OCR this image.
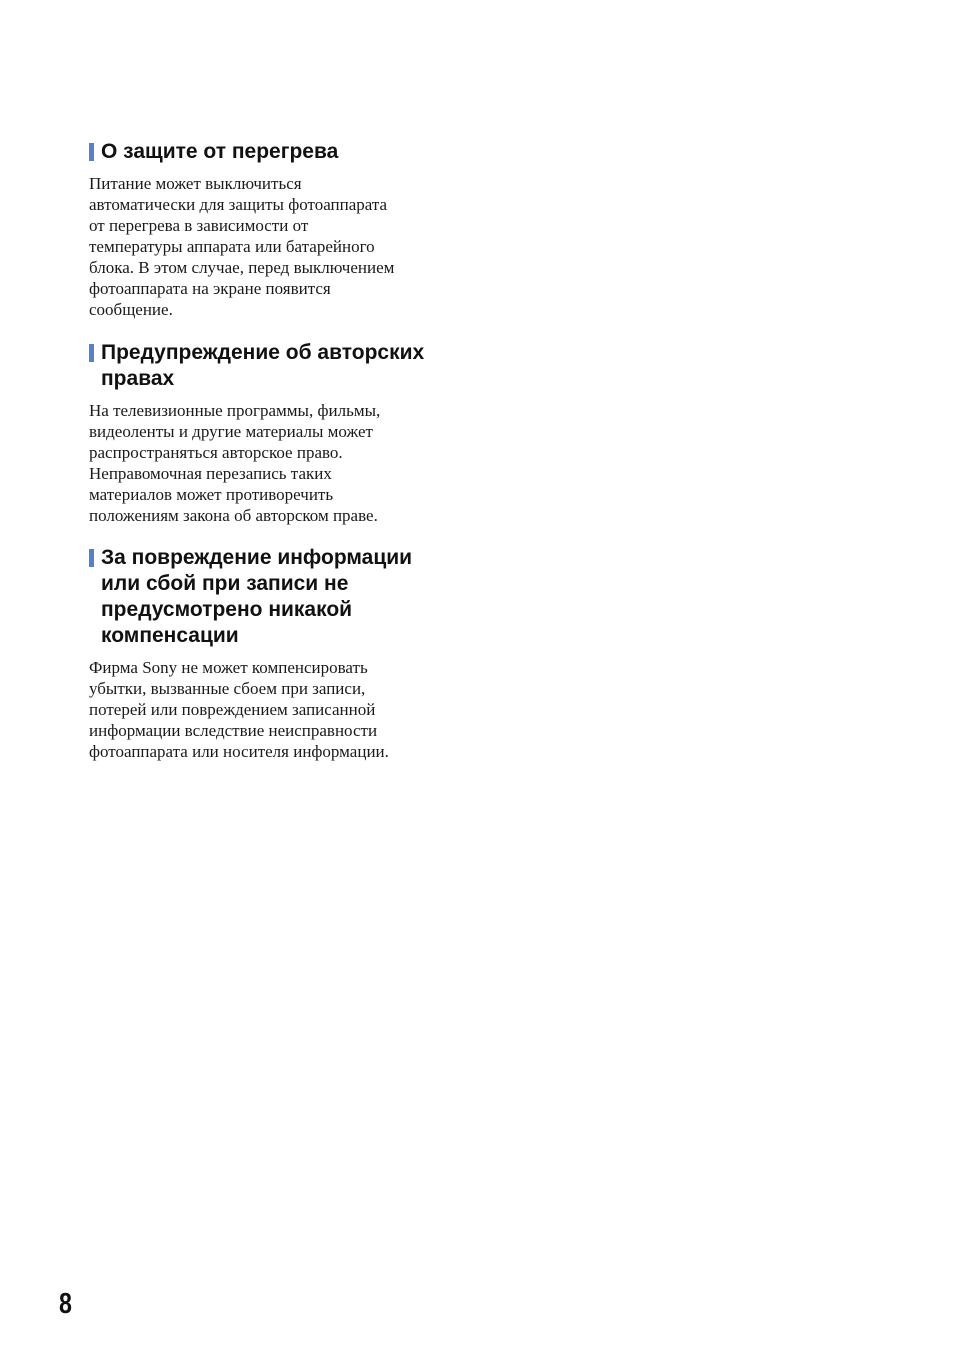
О защите от перегрева

Питание может выключиться
автоматически для защиты фотоаппарата
от перегрева в зависимости от
температуры аппарата или батарейного
блока. В этом случае, перед выключением
фотоаппарата на экране появится
сообщение.

Предупреждение об авторских
правах

На телевизионные программы, фильмы,
видеоленты и другие материалы может
распространяться авторское право.
Неправомочная перезапись таких
материалов может противоречить
положениям закона об авторском праве.

За повреждение информации
или сбой при записи не
предусмотрено никакой
компенсации

Фирма Sony не может компенсировать
убытки, вызванные сбоем при записи,
потерей или повреждением записанной
информации вследствие неисправности
фотоаппарата или носителя информации.

8
